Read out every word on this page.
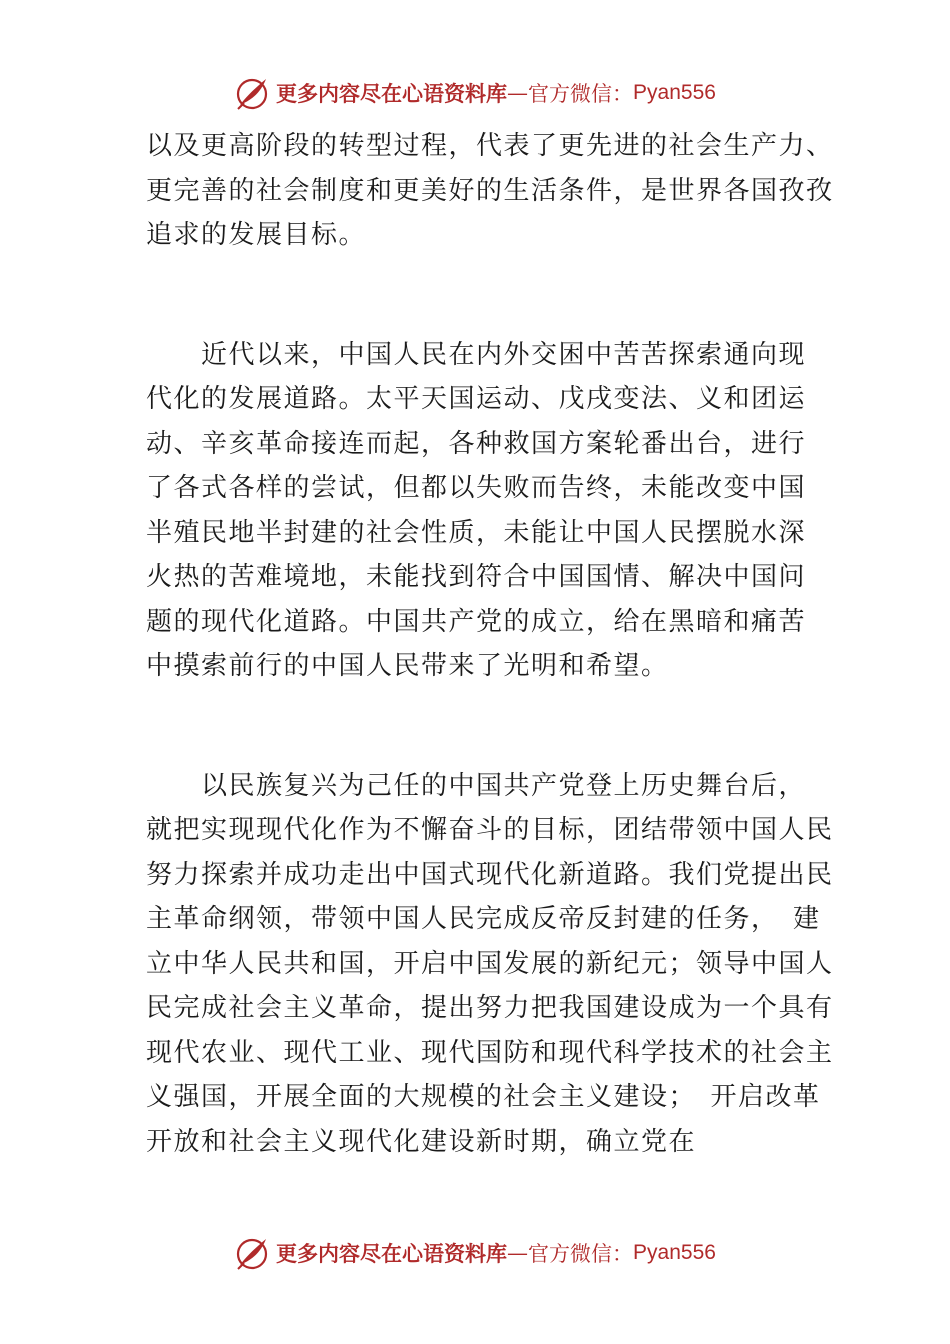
更多内容尽在心语资料库 — 官方微信： Pyan556
以及更高阶段的转型过程，代表了更先进的社会生产力、
更完善的社会制度和更美好的生活条件，是世界各国孜孜
追求的发展目标。
　　近代以来，中国人民在内外交困中苦苦探索通向现
代化的发展道路。太平天国运动、戊戌变法、义和团运
动、辛亥革命接连而起，各种救国方案轮番出台，进行
了各式各样的尝试，但都以失败而告终，未能改变中国
半殖民地半封建的社会性质，未能让中国人民摆脱水深
火热的苦难境地，未能找到符合中国国情、解决中国问
题的现代化道路。中国共产党的成立，给在黑暗和痛苦
中摸索前行的中国人民带来了光明和希望。
　　以民族复兴为己任的中国共产党登上历史舞台后，
就把实现现代化作为不懈奋斗的目标，团结带领中国人民
努力探索并成功走出中国式现代化新道路。我们党提出民
主革命纲领，带领中国人民完成反帝反封建的任务，　建
立中华人民共和国，开启中国发展的新纪元；领导中国人
民完成社会主义革命，提出努力把我国建设成为一个具有
现代农业、现代工业、现代国防和现代科学技术的社会主
义强国，开展全面的大规模的社会主义建设；　开启改革
开放和社会主义现代化建设新时期，确立党在
更多内容尽在心语资料库 — 官方微信： Pyan556
